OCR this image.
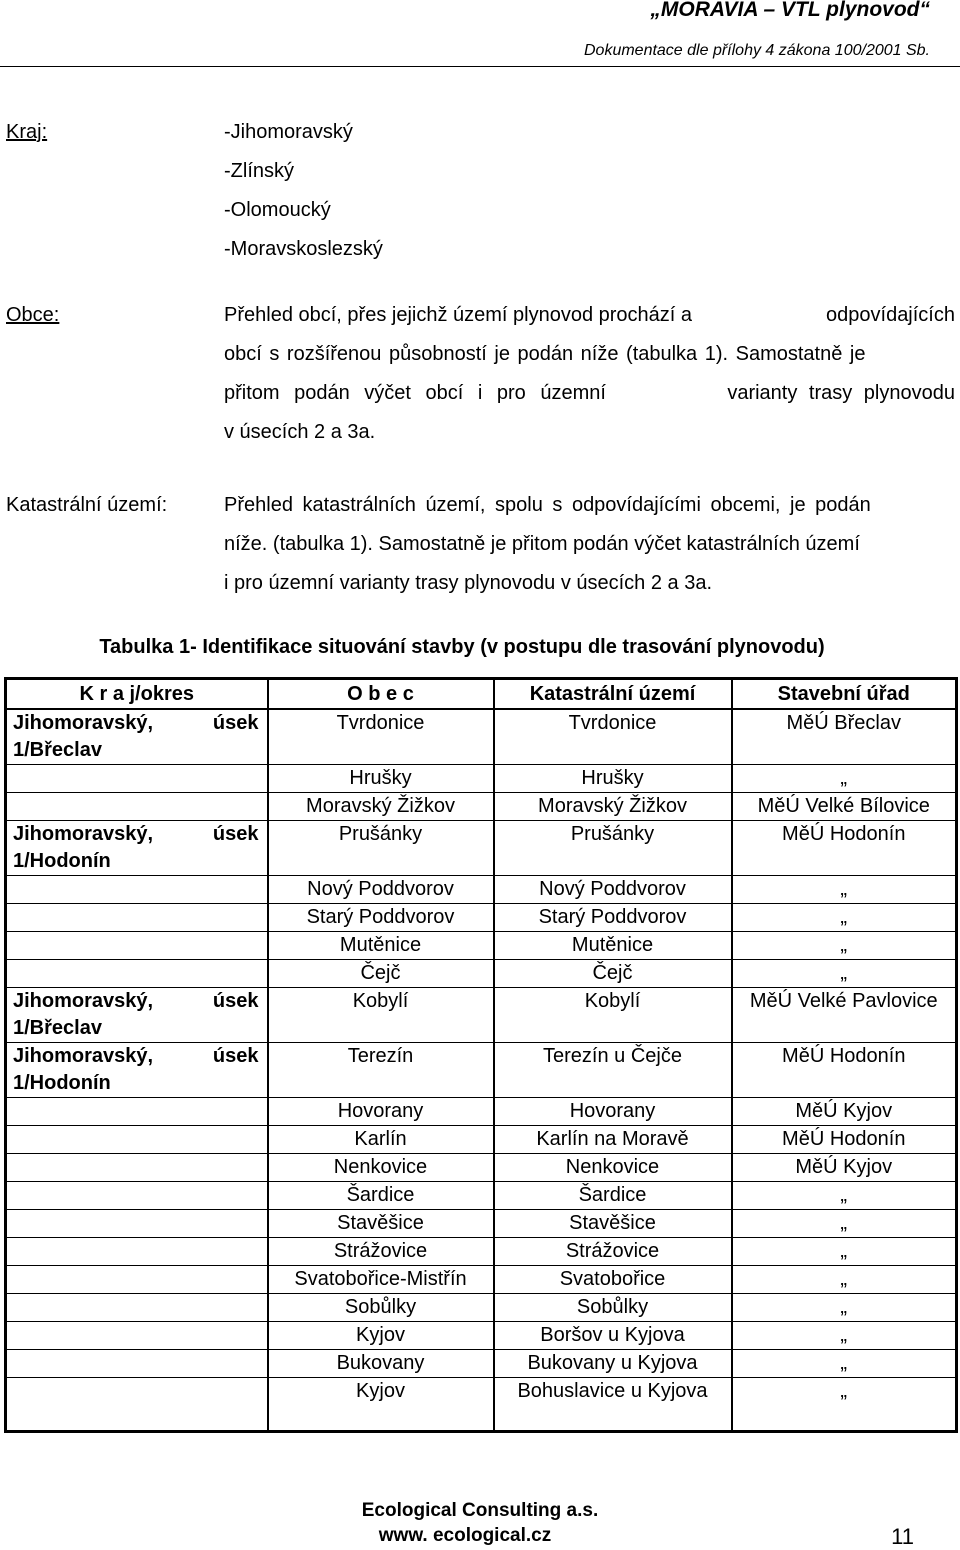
„MORAVIA – VTL plynovod“
Dokumentace dle přílohy 4 zákona 100/2001 Sb.
Kraj:	-Jihomoravský
-Zlínský
-Olomoucký
-Moravskoslezský
Obce:	Přehled obcí, přes jejichž území plynovod prochází a	odpovídajících
obcí s rozšířenou působností je podán níže (tabulka 1). Samostatně je
přitom podán výčet obcí i pro územní	varianty trasy plynovodu
v úsecích 2 a 3a.
Katastrální území:	Přehled katastrálních území, spolu s odpovídajícími obcemi, je podán
níže. (tabulka 1). Samostatně je přitom podán výčet katastrálních území
i pro územní varianty trasy plynovodu v úsecích 2 a 3a.
Tabulka 1- Identifikace situování stavby (v postupu dle trasování plynovodu)
K r a j/okres	O b e c	Katastrální území	Stavební úřad

Jihomoravský, úsek
1/Břeclav	Tvrdonice	Tvrdonice	MěÚ Břeclav
	Hrušky	Hrušky	„
	Moravský Žižkov	Moravský Žižkov	MěÚ Velké Bílovice

Jihomoravský, úsek
1/Hodonín	Prušánky	Prušánky	MěÚ Hodonín
	Nový Poddvorov	Nový Poddvorov	„
	Starý Poddvorov	Starý Poddvorov	„
	Mutěnice	Mutěnice	„
	Čejč	Čejč	„

Jihomoravský, úsek
1/Břeclav	Kobylí	Kobylí	MěÚ Velké Pavlovice

Jihomoravský, úsek
1/Hodonín	Terezín	Terezín u Čejče	MěÚ Hodonín
	Hovorany	Hovorany	MěÚ Kyjov
	Karlín	Karlín na Moravě	MěÚ Hodonín
	Nenkovice	Nenkovice	MěÚ Kyjov
	Šardice	Šardice	„
	Stavěšice	Stavěšice	„
	Strážovice	Strážovice	„
	Svatobořice-Mistřín	Svatobořice	„
	Sobůlky	Sobůlky	„
	Kyjov	Boršov u Kyjova	„
	Bukovany	Bukovany u Kyjova	„
	Kyjov	Bohuslavice u Kyjova	„
Ecological Consulting a.s.
www. ecological.cz	11
